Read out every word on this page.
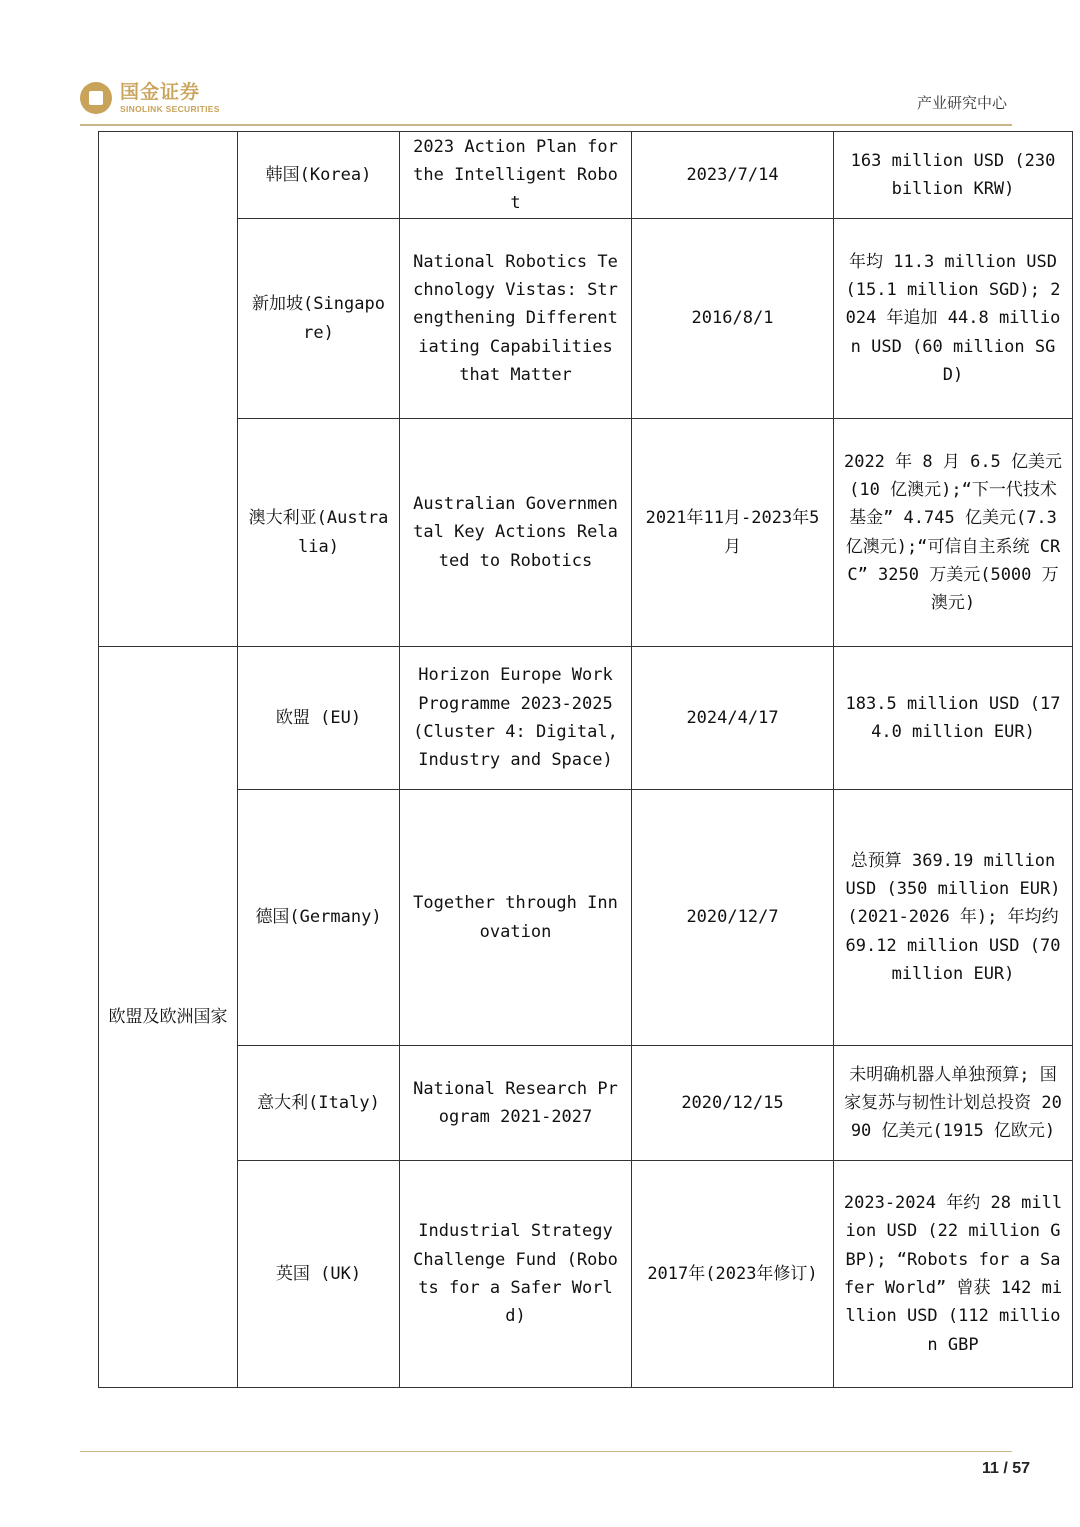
国金证券
SINOLINK SECURITIES	产业研究中心
	韩国(Korea)	2023 Action Plan for the Intelligent Robot	2023/7/14	163 million USD (230 billion KRW)
	新加坡(Singapore)	National Robotics Technology Vistas: Strengthening Differentiating Capabilities that Matter	2016/8/1	年均 11.3 million USD (15.1 million SGD); 2024 年追加 44.8 million USD (60 million SGD)
	澳大利亚(Australia)	Australian Governmental Key Actions Related to Robotics	2021年11月-2023年5月	2022 年 8 月 6.5 亿美元(10 亿澳元);“下一代技术基金” 4.745 亿美元(7.3 亿澳元);“可信自主系统 CRC” 3250 万美元(5000 万澳元)
欧盟及欧洲国家	欧盟 (EU)	Horizon Europe Work Programme 2023-2025 (Cluster 4: Digital, Industry and Space)	2024/4/17	183.5 million USD (174.0 million EUR)
	德国(Germany)	Together through Innovation	2020/12/7	总预算 369.19 million USD (350 million EUR) (2021-2026 年); 年均约 69.12 million USD (70 million EUR)
	意大利(Italy)	National Research Program 2021-2027	2020/12/15	未明确机器人单独预算; 国家复苏与韧性计划总投资 2090 亿美元(1915 亿欧元)
	英国 (UK)	Industrial Strategy Challenge Fund (Robots for a Safer World)	2017年(2023年修订)	2023-2024 年约 28 million USD (22 million GBP); “Robots for a Safer World” 曾获 142 million USD (112 million GBP
11 / 57
